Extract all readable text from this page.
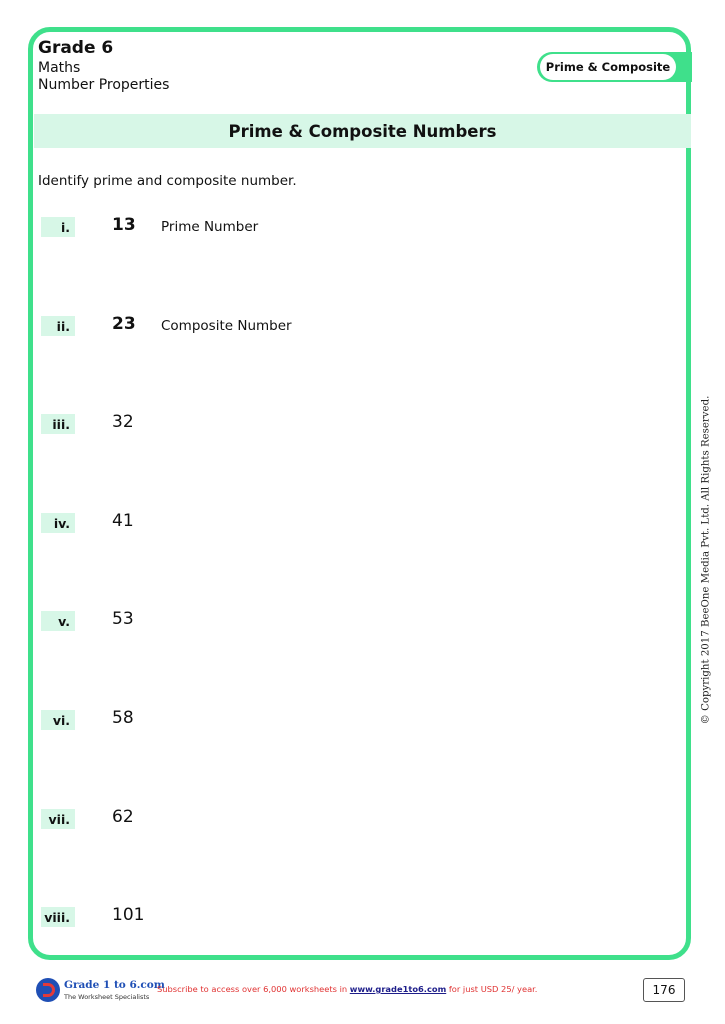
Grade 6
Maths
Number Properties
Prime & Composite
Prime & Composite Numbers
Identify prime and composite number.
i. 13 Prime Number
ii. 23 Composite Number
iii. 32
iv. 41
v. 53
vi. 58
vii. 62
viii. 101
© Copyright 2017 BeeOne Media Pvt. Ltd. All Rights Reserved.
Grade 1 to 6.com
The Worksheet Specialists
Subscribe to access over 6,000 worksheets in www.grade1to6.com for just USD 25/ year.	176
